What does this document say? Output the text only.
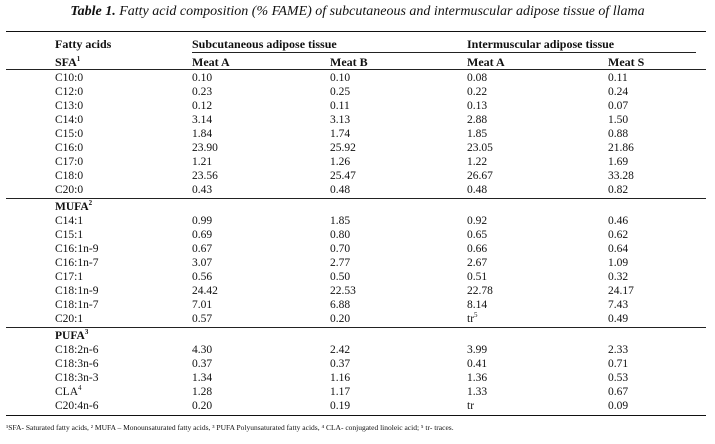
Table 1. Fatty acid composition (% FAME) of subcutaneous and intermuscular adipose tissue of llama
Fatty acids	Subcutaneous adipose tissue	Intermuscular adipose tissue
SFA$^1$	Meat A	Meat B	Meat A	Meat S
C10:0	0.10	0.10	0.08	0.11
C12:0	0.23	0.25	0.22	0.24
C13:0	0.12	0.11	0.13	0.07
C14:0	3.14	3.13	2.88	1.50
C15:0	1.84	1.74	1.85	0.88
C16:0	23.90	25.92	23.05	21.86
C17:0	1.21	1.26	1.22	1.69
C18:0	23.56	25.47	26.67	33.28
C20:0	0.43	0.48	0.48	0.82
MUFA$^2$
C14:1	0.99	1.85	0.92	0.46
C15:1	0.69	0.80	0.65	0.62
C16:1n-9	0.67	0.70	0.66	0.64
C16:1n-7	3.07	2.77	2.67	1.09
C17:1	0.56	0.50	0.51	0.32
C18:1n-9	24.42	22.53	22.78	24.17
C18:1n-7	7.01	6.88	8.14	7.43
C20:1	0.57	0.20	$tr^5$	0.49
PUFA$^3$
C18:2n-6	4.30	2.42	3.99	2.33
C18:3n-6	0.37	0.37	0.41	0.71
C18:3n-3	1.34	1.16	1.36	0.53
CLA$^4$	1.28	1.17	1.33	0.67
C20:4n-6	0.20	0.19	tr	0.09
¹SFA- Saturated fatty acids, ² MUFA – Monounsaturated fatty acids, ³ PUFA Polyunsaturated fatty acids, ⁴ CLA- conjugated linoleic acid; ⁵ tr- traces.
